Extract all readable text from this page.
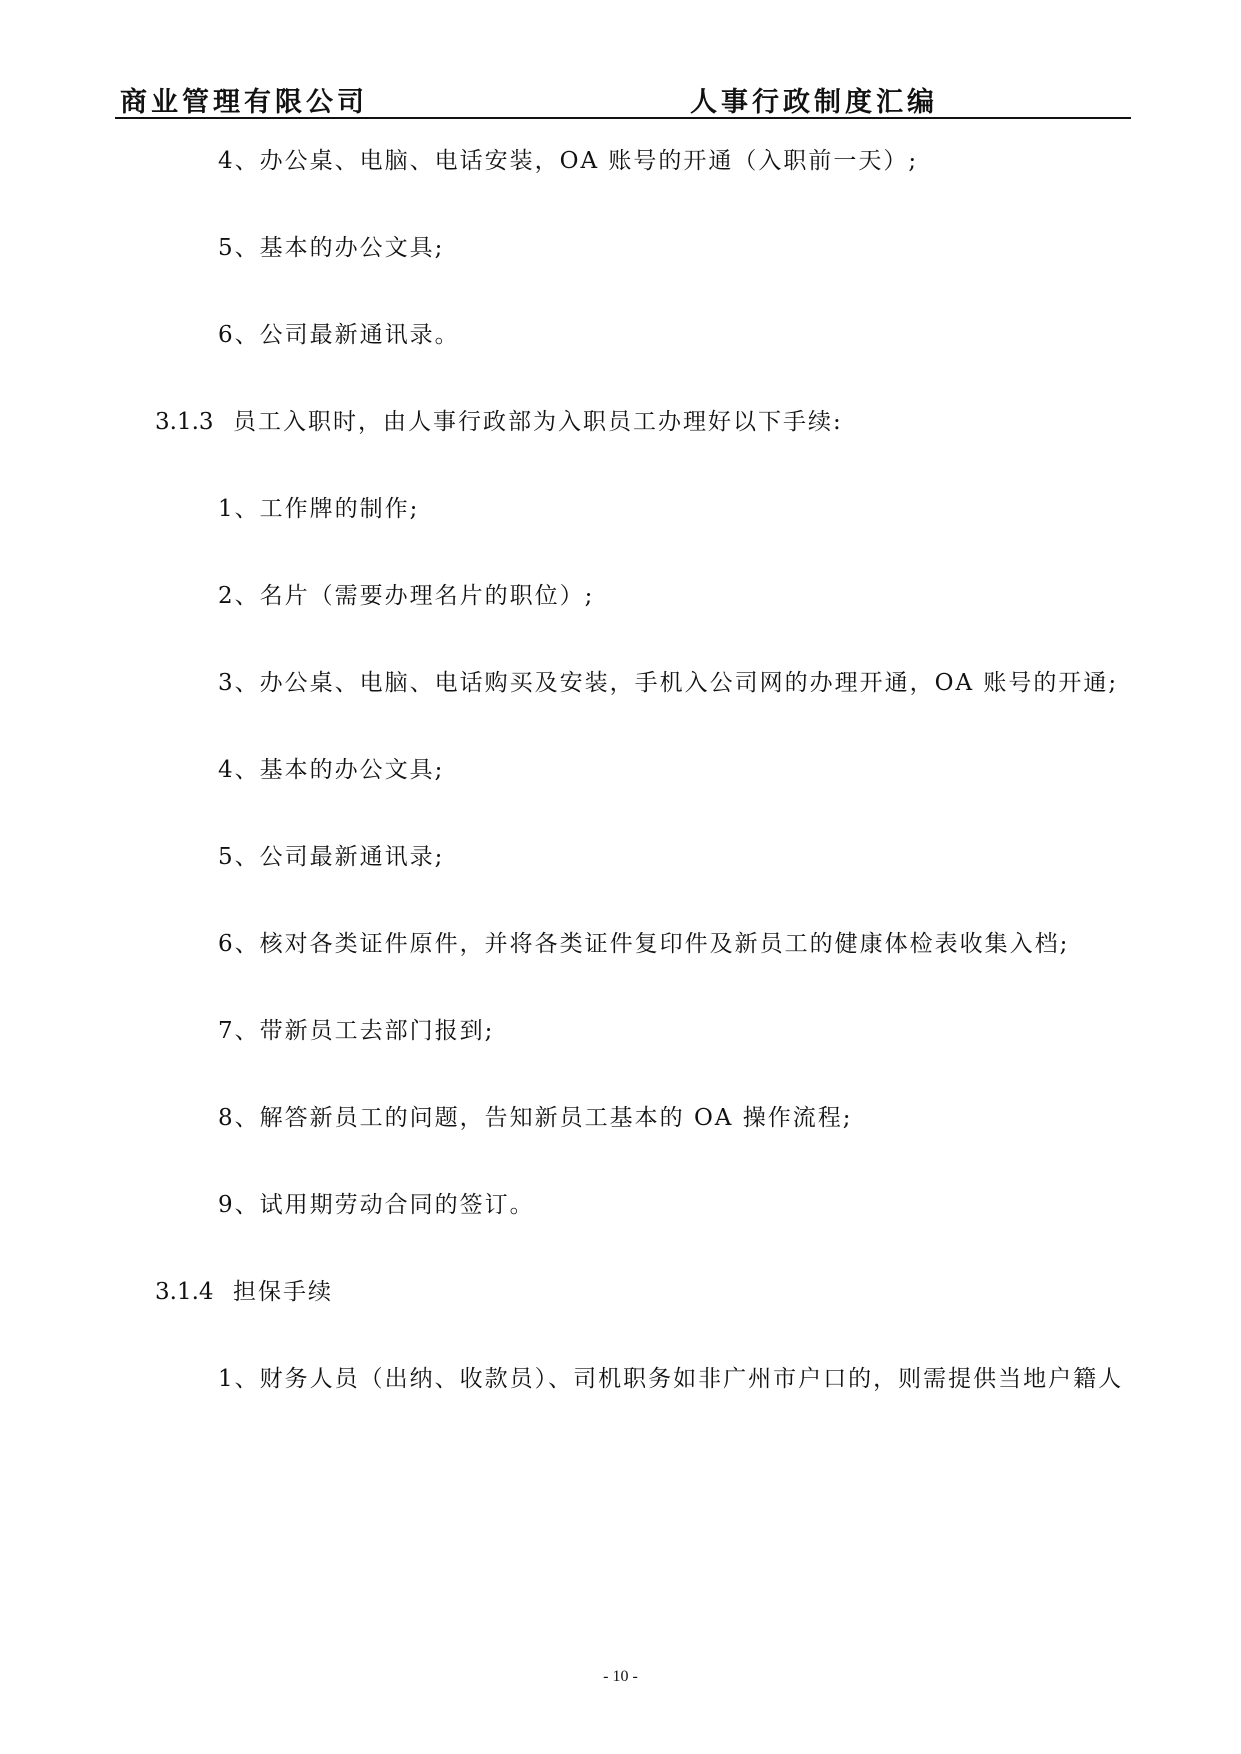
商业管理有限公司	人事行政制度汇编
4、办公桌、电脑、电话安装，OA 账号的开通（入职前一天）;
5、基本的办公文具;
6、公司最新通讯录。
3.1.3 员工入职时，由人事行政部为入职员工办理好以下手续:
1、工作牌的制作;
2、名片（需要办理名片的职位）;
3、办公桌、电脑、电话购买及安装，手机入公司网的办理开通，OA 账号的开通;
4、基本的办公文具;
5、公司最新通讯录;
6、核对各类证件原件，并将各类证件复印件及新员工的健康体检表收集入档;
7、带新员工去部门报到;
8、解答新员工的问题，告知新员工基本的 OA 操作流程;
9、试用期劳动合同的签订。
3.1.4 担保手续
1、财务人员（出纳、收款员）、司机职务如非广州市户口的，则需提供当地户籍人
- 10 -
